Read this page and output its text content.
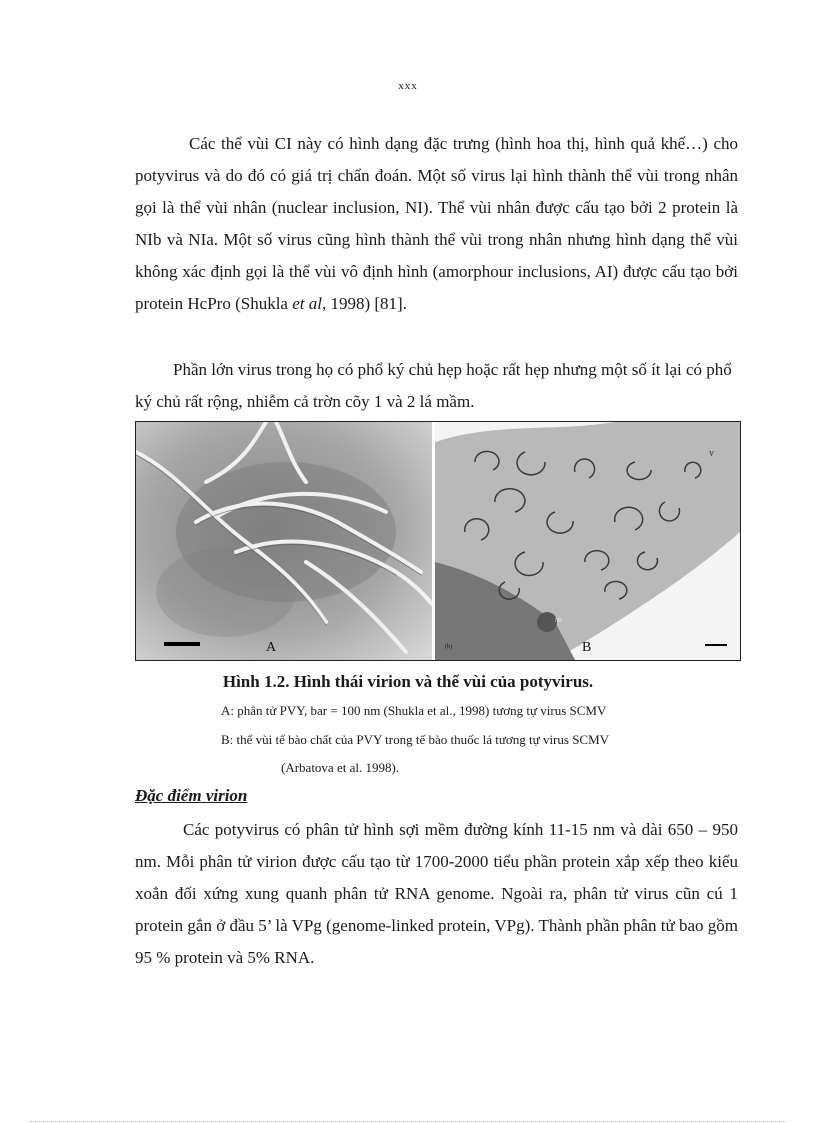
xxx

Các thể vùi CI này có hình dạng đặc trưng (hình hoa thị, hình quả khế…) cho potyvirus và do đó có giá trị chẩn đoán. Một số virus lại hình thành thể vùi trong nhân gọi là thể vùi nhân (nuclear inclusion, NI). Thể vùi nhân được cấu tạo bởi 2 protein là NIb và NIa. Một số virus cũng hình thành thể vùi trong nhân nhưng hình dạng thể vùi không xác định gọi là thể vùi vô định hình (amorphour inclusions, AI) được cấu tạo bởi protein HcPro (Shukla et al, 1998) [81].

Phần lớn virus trong họ có phổ ký chủ hẹp hoặc rất hẹp nhưng một số ít lại có phổ ký chủ rất rộng, nhiễm cả trờn cõy 1 và 2 lá mầm.

A
V
Nb
(b)	B
Hình 1.2. Hình thái virion và thể vùi của potyvirus.
A: phân tử PVY, bar = 100 nm (Shukla et al., 1998) tương tự virus SCMV
B: thể vùi tế bào chất của PVY trong tế bào thuốc lá tương tự virus SCMV
(Arbatova et al. 1998).
Đặc điểm virion

Các potyvirus có phân tử hình sợi mềm đường kính 11-15 nm và dài 650 – 950 nm. Mỗi phân tử virion được cấu tạo từ 1700-2000 tiểu phần protein xắp xếp theo kiểu xoắn đối xứng xung quanh phân tử RNA genome. Ngoài ra, phân tử virus cũn cú 1 protein gắn ở đầu 5’ là VPg (genome-linked protein, VPg). Thành phần phân tử bao gồm 95 % protein và 5% RNA.
